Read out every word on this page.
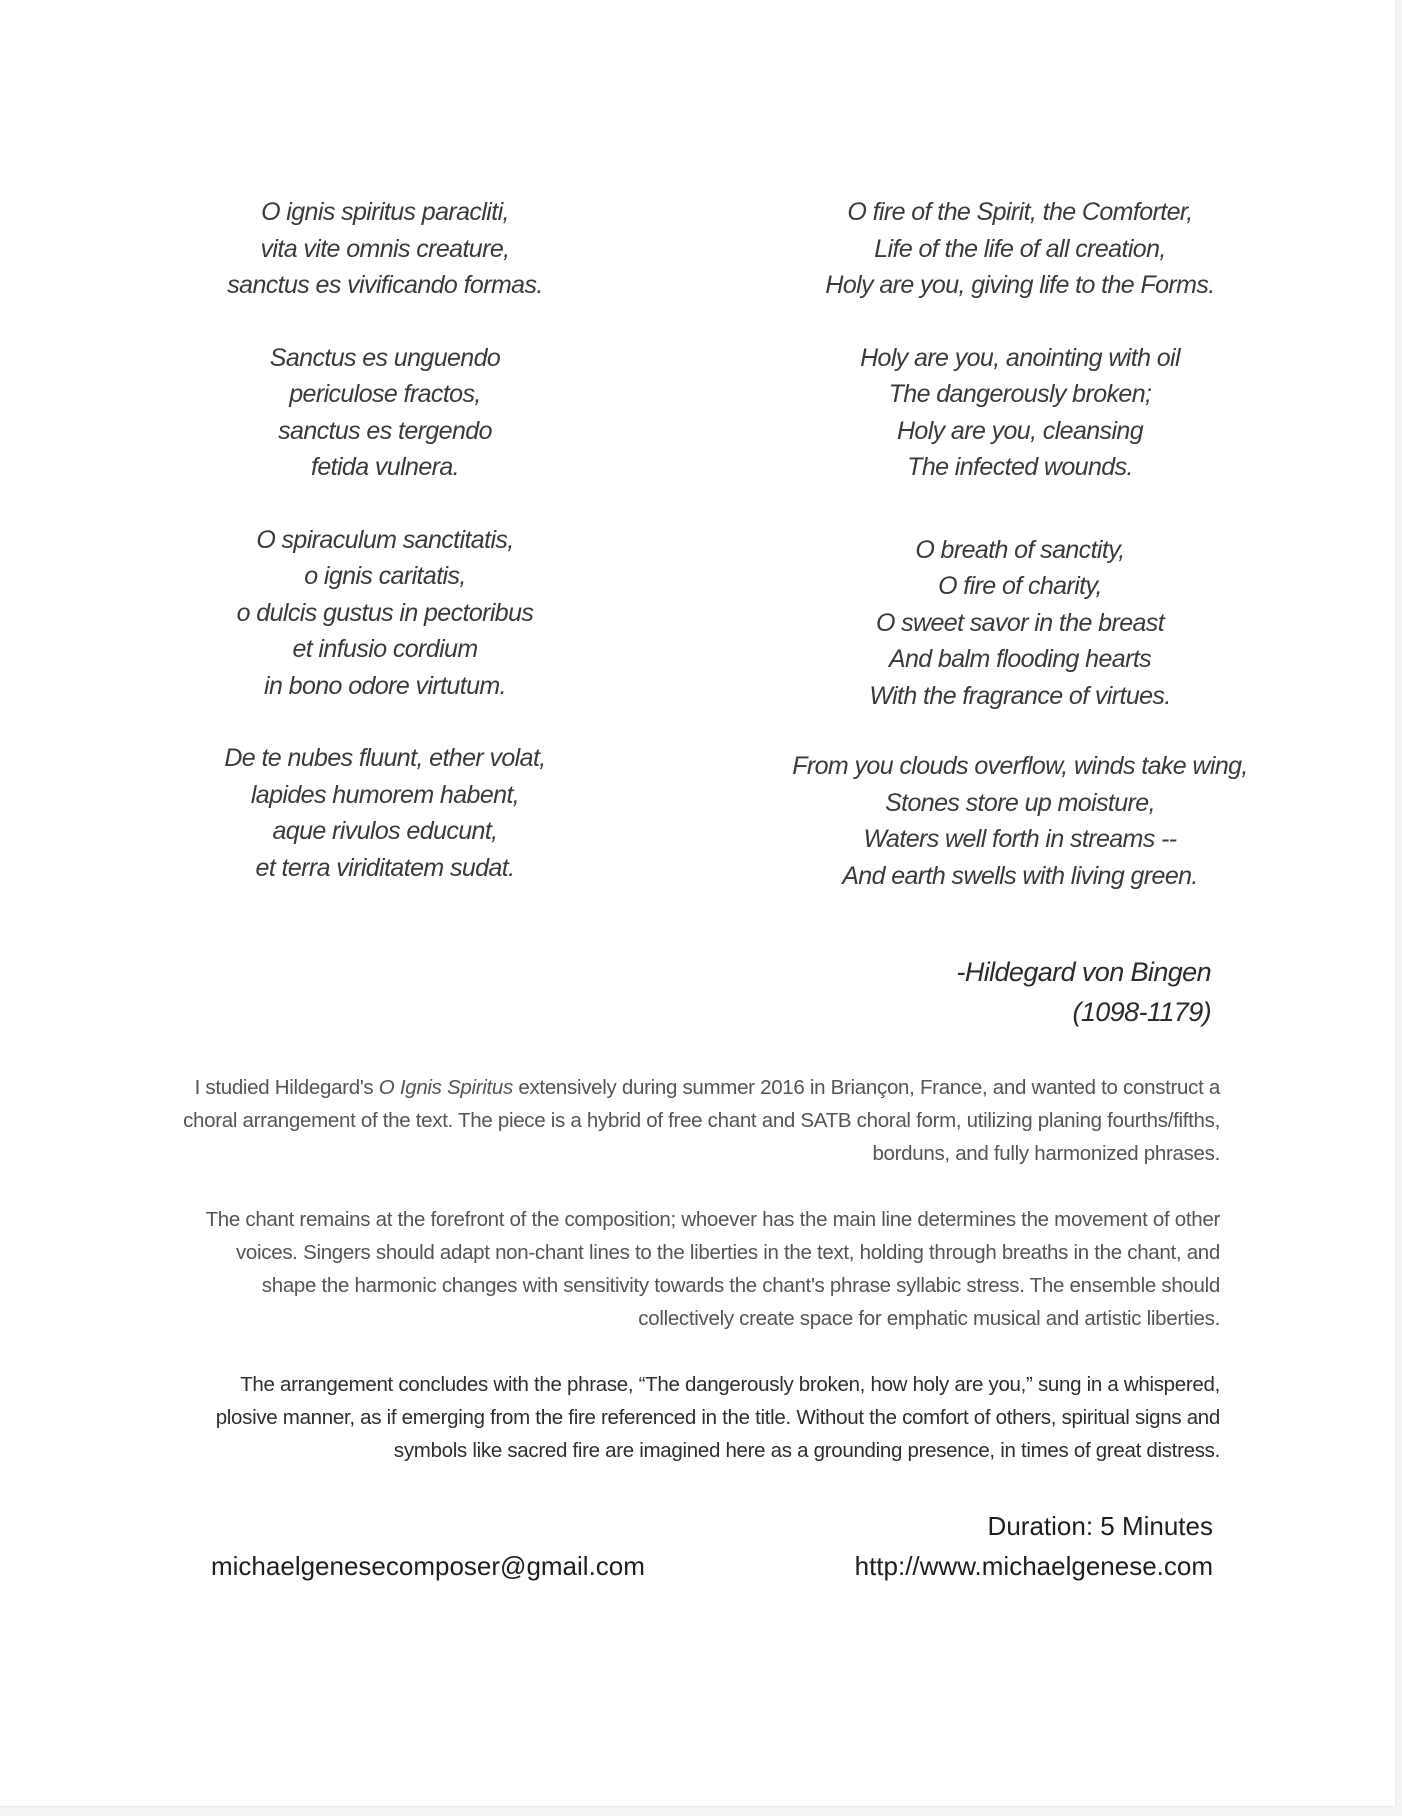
O ignis spiritus paracliti,
vita vite omnis creature,
sanctus es vivificando formas.
Sanctus es unguendo
periculose fractos,
sanctus es tergendo
fetida vulnera.
O spiraculum sanctitatis,
o ignis caritatis,
o dulcis gustus in pectoribus
et infusio cordium
in bono odore virtutum.
De te nubes fluunt, ether volat,
lapides humorem habent,
aque rivulos educunt,
et terra viriditatem sudat.
O fire of the Spirit, the Comforter,
Life of the life of all creation,
Holy are you, giving life to the Forms.
Holy are you, anointing with oil
The dangerously broken;
Holy are you, cleansing
The infected wounds.
O breath of sanctity,
O fire of charity,
O sweet savor in the breast
And balm flooding hearts
With the fragrance of virtues.
From you clouds overflow, winds take wing,
Stones store up moisture,
Waters well forth in streams --
And earth swells with living green.
-Hildegard von Bingen
(1098-1179)

I studied Hildegard's O Ignis Spiritus extensively during summer 2016 in Briançon, France, and wanted to construct a choral arrangement of the text. The piece is a hybrid of free chant and SATB choral form, utilizing planing fourths/fifths, borduns, and fully harmonized phrases.

The chant remains at the forefront of the composition; whoever has the main line determines the movement of other voices. Singers should adapt non-chant lines to the liberties in the text, holding through breaths in the chant, and shape the harmonic changes with sensitivity towards the chant's phrase syllabic stress. The ensemble should collectively create space for emphatic musical and artistic liberties.

The arrangement concludes with the phrase, “The dangerously broken, how holy are you,” sung in a whispered, plosive manner, as if emerging from the fire referenced in the title. Without the comfort of others, spiritual signs and symbols like sacred fire are imagined here as a grounding presence, in times of great distress.

Duration: 5 Minutes
michaelgenesecomposer@gmail.com	http://www.michaelgenese.com
